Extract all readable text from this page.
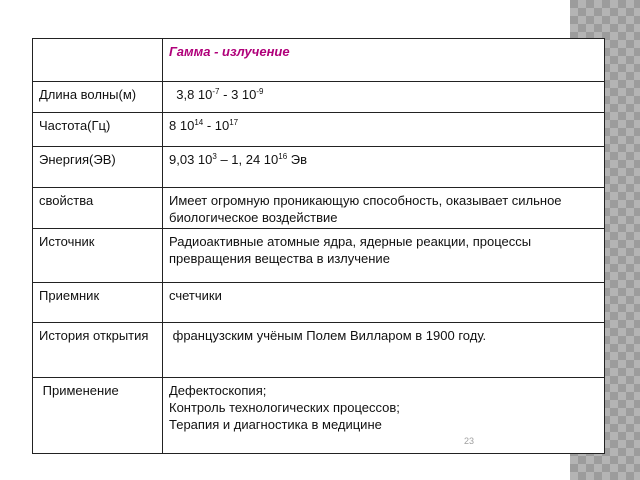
	Гамма - излучение
Длина волны(м)	3,8 $10^{-7} - 3$ $10^{-9}$
Частота(Гц)	8 $10^{14} - 10^{17}$
Энергия(ЭВ)	9,03 $10^3 - 1$, 24 $10^{16}$ Эв
свойства	Имеет огромную проникающую способность, оказывает сильное биологическое воздействие
Источник	Радиоактивные атомные ядра, ядерные реакции, процессы превращения вещества в излучение
Приемник	счетчики
История открытия	французским учёным Полем Вилларом в 1900 году.
Применение	Дефектоскопия;
Контроль технологических процессов;
Терапия и диагностика в медицине
23
